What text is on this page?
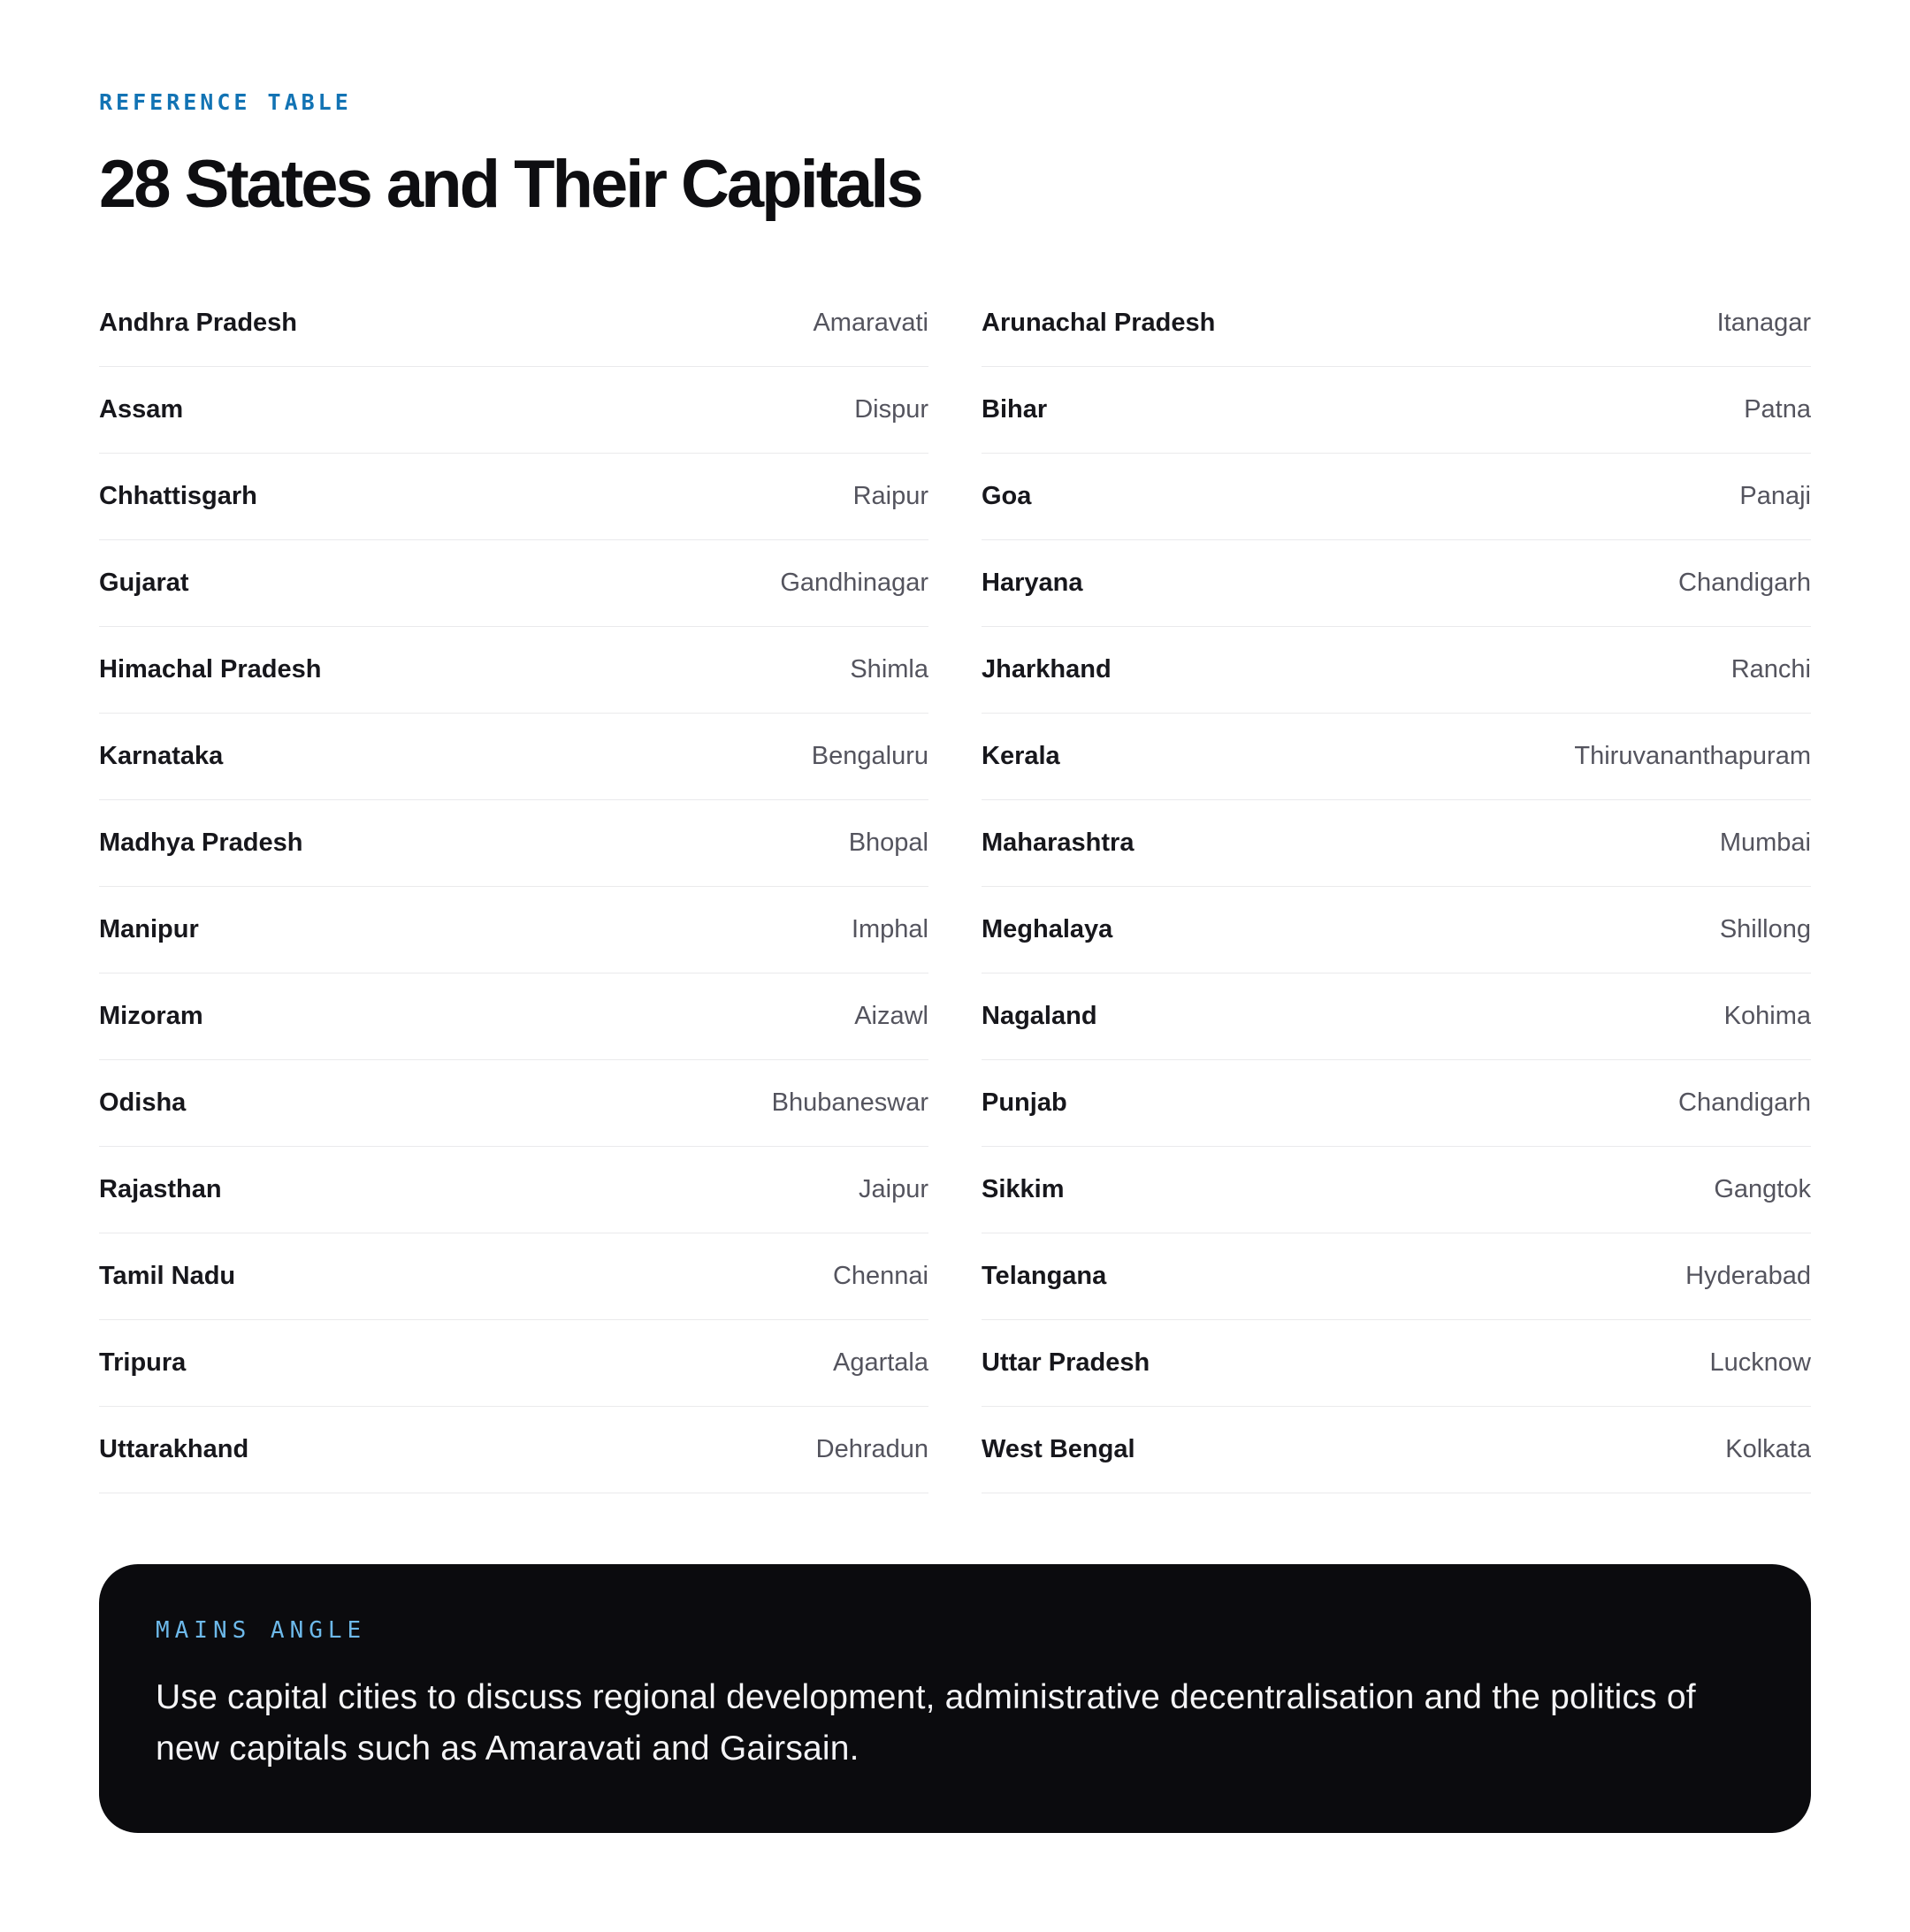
REFERENCE TABLE
28 States and Their Capitals
Andhra Pradesh	Amaravati Arunachal Pradesh	Itanagar
Assam	Dispur Bihar	Patna
Chhattisgarh	Raipur Goa	Panaji
Gujarat	Gandhinagar Haryana	Chandigarh
Himachal Pradesh	Shimla Jharkhand	Ranchi
Karnataka	Bengaluru Kerala	Thiruvananthapuram
Madhya Pradesh	Bhopal Maharashtra	Mumbai
Manipur	Imphal Meghalaya	Shillong
Mizoram	Aizawl Nagaland	Kohima
Odisha	Bhubaneswar Punjab	Chandigarh
Rajasthan	Jaipur Sikkim	Gangtok
Tamil Nadu	Chennai Telangana	Hyderabad
Tripura	Agartala Uttar Pradesh	Lucknow
Uttarakhand	Dehradun West Bengal	Kolkata
MAINS ANGLE

Use capital cities to discuss regional development, administrative decentralisation and the politics of new capitals such as Amaravati and Gairsain.
